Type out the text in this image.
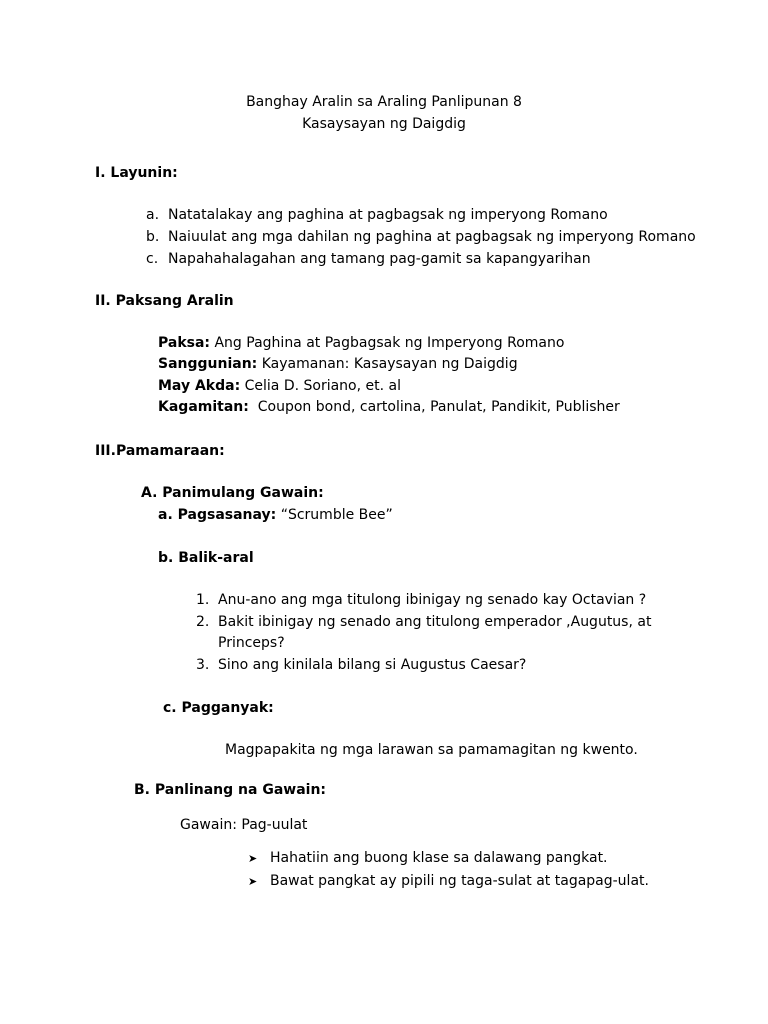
Banghay Aralin sa Araling Panlipunan 8
Kasaysayan ng Daigdig
I. Layunin:
a. Natatalakay ang paghina at pagbagsak ng imperyong Romano
b. Naiuulat ang mga dahilan ng paghina at pagbagsak ng imperyong Romano
c. Napahahalagahan ang tamang pag-gamit sa kapangyarihan
II. Paksang Aralin
Paksa: Ang Paghina at Pagbagsak ng Imperyong Romano
Sanggunian: Kayamanan: Kasaysayan ng Daigdig
May Akda: Celia D. Soriano, et. al
Kagamitan: Coupon bond, cartolina, Panulat, Pandikit, Publisher
III.Pamamaraan:
A. Panimulang Gawain:
a. Pagsasanay: “Scrumble Bee”
b. Balik-aral
1. Anu-ano ang mga titulong ibinigay ng senado kay Octavian ?
2. Bakit ibinigay ng senado ang titulong emperador ,Augutus, at
Princeps?
3. Sino ang kinilala bilang si Augustus Caesar?
c. Pagganyak:
Magpapakita ng mga larawan sa pamamagitan ng kwento.
B. Panlinang na Gawain:
Gawain: Pag-uulat
➤ Hahatiin ang buong klase sa dalawang pangkat.
➤ Bawat pangkat ay pipili ng taga-sulat at tagapag-ulat.
